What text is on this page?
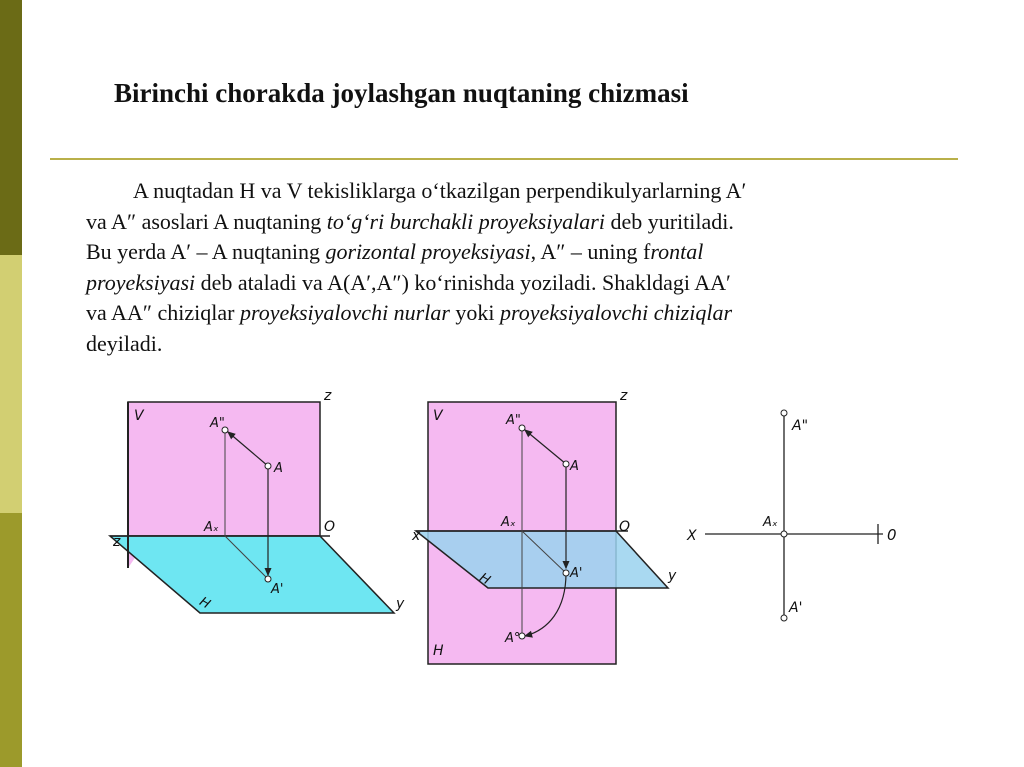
Birinchi chorakda joylashgan nuqtaning chizmasi

A nuqtadan H va V tekisliklarga o‘tkazilgan perpendikulyarlarning A′
va A″ asoslari A nuqtaning to‘g‘ri burchakli proyeksiyalari deb yuritiladi.
Bu yerda A′ – A nuqtaning gorizontal proyeksiyasi, A″ – uning frontal
proyeksiyasi deb ataladi va A(A′,A″) ko‘rinishda yoziladi. Shakldagi AA′
va AA″ chiziqlar proyeksiyalovchi nurlar yoki proyeksiyalovchi chiziqlar
deyiladi.

V
z
z
A"
A
Aₓ	O
A'
H	y
V
z
x
A"
A
Aₓ	O
A'
A°
H
H
y
A"
X
Aₓ
0
A'
